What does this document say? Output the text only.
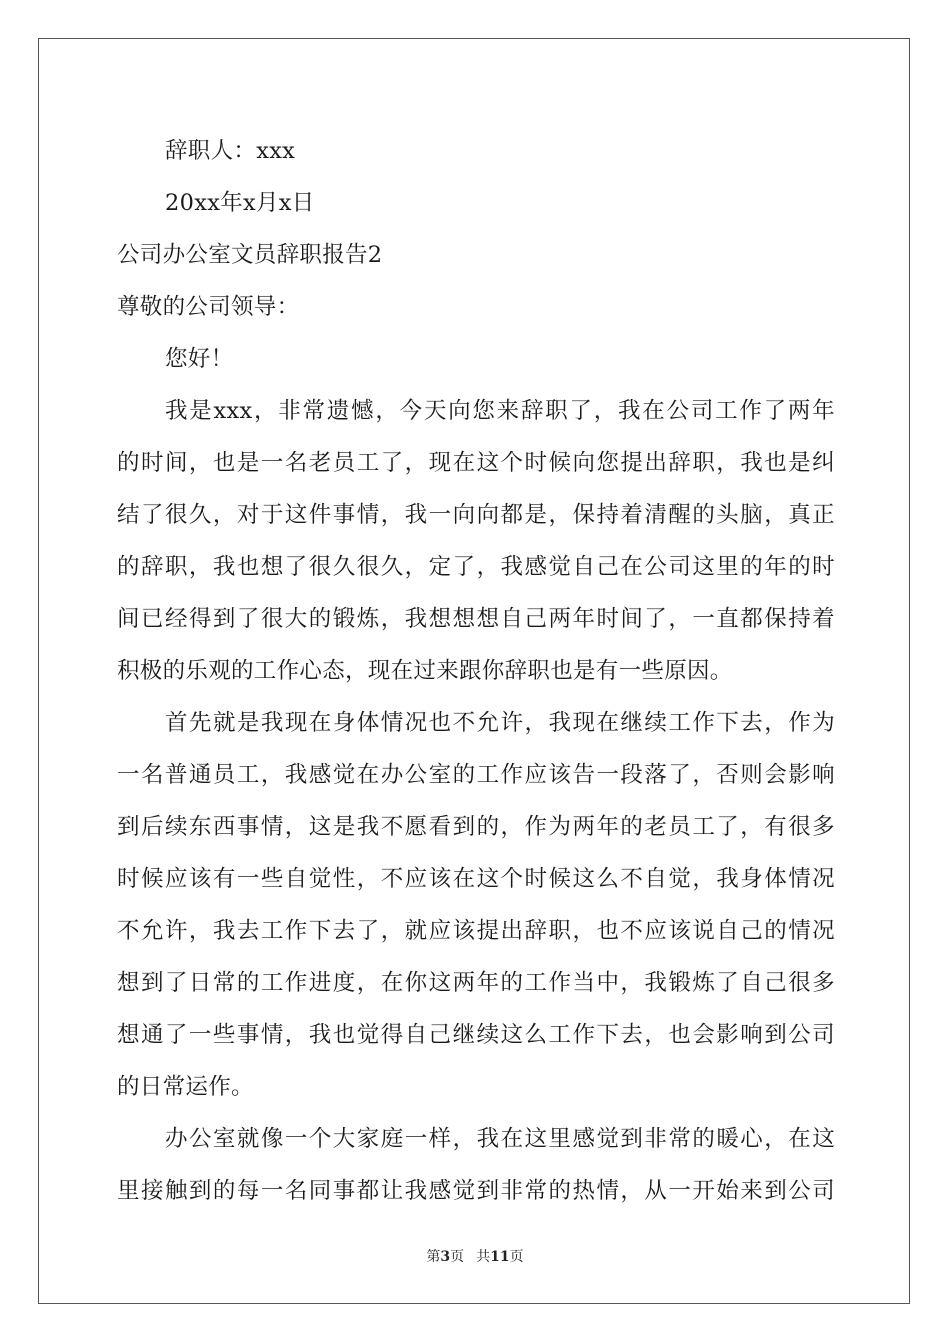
辞职人：xxx
20xx年x月x日
公司办公室文员辞职报告2
尊敬的公司领导：
您好！
我是xxx，非常遗憾，今天向您来辞职了，我在公司工作了两年
的时间，也是一名老员工了，现在这个时候向您提出辞职，我也是纠
结了很久，对于这件事情，我一向向都是，保持着清醒的头脑，真正
的辞职，我也想了很久很久，定了，我感觉自己在公司这里的年的时
间已经得到了很大的锻炼，我想想想自己两年时间了，一直都保持着
积极的乐观的工作心态，现在过来跟你辞职也是有一些原因。
首先就是我现在身体情况也不允许，我现在继续工作下去，作为
一名普通员工，我感觉在办公室的工作应该告一段落了，否则会影响
到后续东西事情，这是我不愿看到的，作为两年的老员工了，有很多
时候应该有一些自觉性，不应该在这个时候这么不自觉，我身体情况
不允许，我去工作下去了，就应该提出辞职，也不应该说自己的情况
想到了日常的工作进度，在你这两年的工作当中，我锻炼了自己很多
想通了一些事情，我也觉得自己继续这么工作下去，也会影响到公司
的日常运作。
办公室就像一个大家庭一样，我在这里感觉到非常的暖心，在这
里接触到的每一名同事都让我感觉到非常的热情，从一开始来到公司
第3页 共11页
